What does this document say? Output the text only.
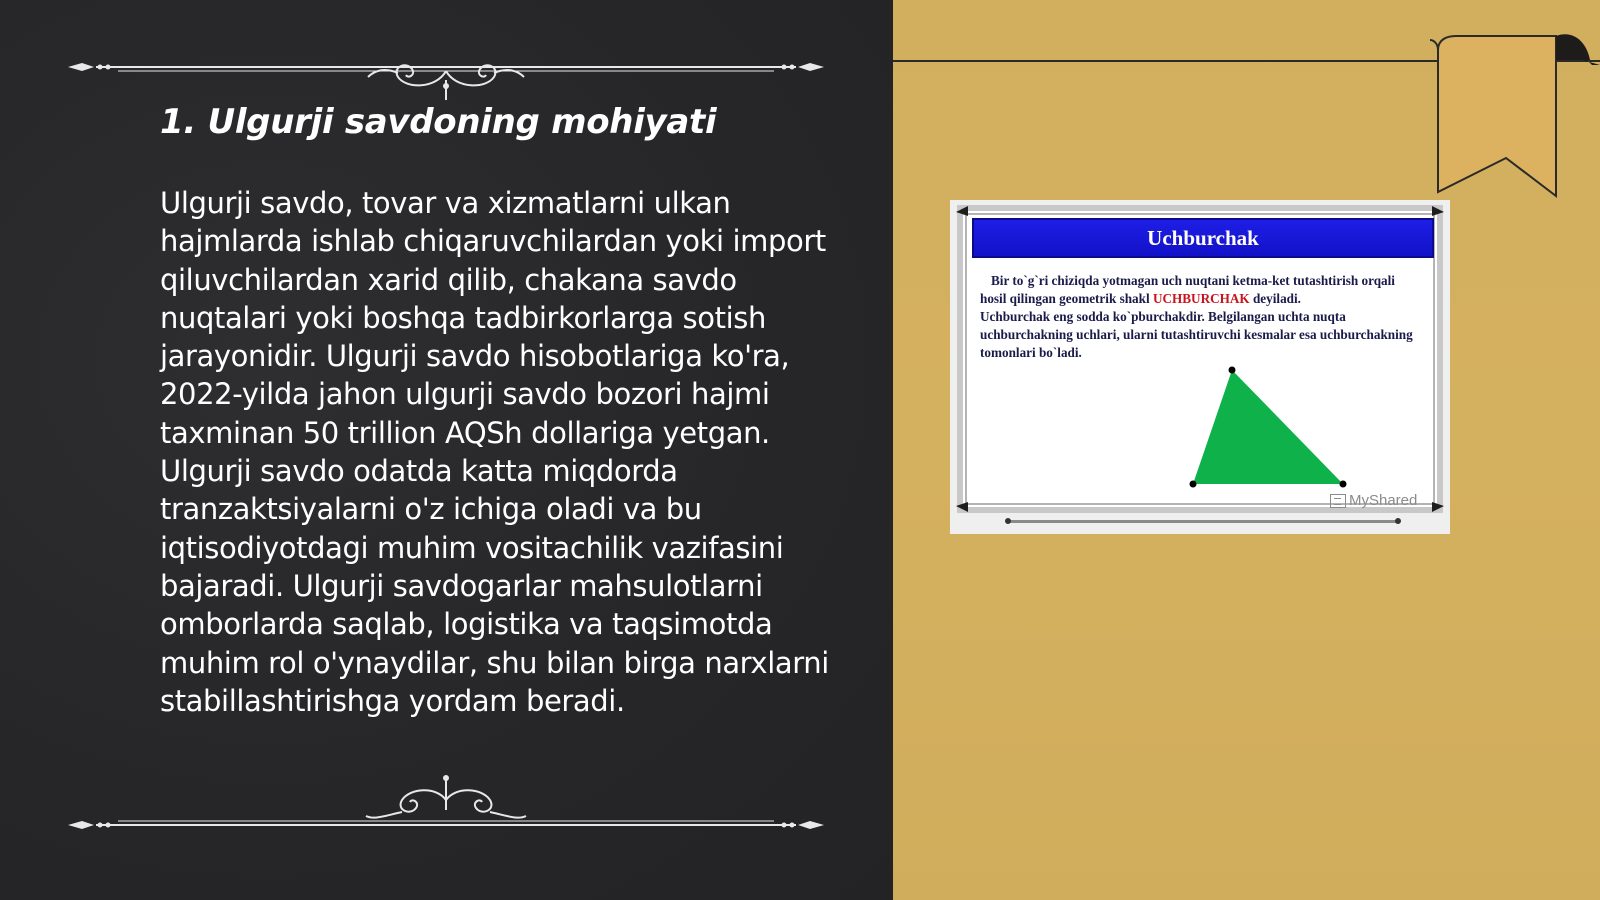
1. Ulgurji savdoning mohiyati

Ulgurji savdo, tovar va xizmatlarni ulkan hajmlarda ishlab chiqaruvchilardan yoki import qiluvchilardan xarid qilib, chakana savdo nuqtalari yoki boshqa tadbirkorlarga sotish jarayonidir. Ulgurji savdo hisobotlariga ko'ra, 2022-yilda jahon ulgurji savdo bozori hajmi taxminan 50 trillion AQSh dollariga yetgan. Ulgurji savdo odatda katta miqdorda tranzaktsiyalarni o'z ichiga oladi va bu iqtisodiyotdagi muhim vositachilik vazifasini bajaradi. Ulgurji savdogarlar mahsulotlarni omborlarda saqlab, logistika va taqsimotda muhim rol o'ynaydilar, shu bilan birga narxlarni stabillashtirishga yordam beradi.

Uchburchak
Bir to`g`ri chiziqda yotmagan uch nuqtani ketma-ket tutashtirish orqali hosil qilingan geometrik shakl UCHBURCHAK deyiladi.
Uchburchak eng sodda ko`pburchakdir. Belgilangan uchta nuqta uchburchakning uchlari, ularni tutashtiruvchi kesmalar esa uchburchakning tomonlari bo`ladi.
MyShared
